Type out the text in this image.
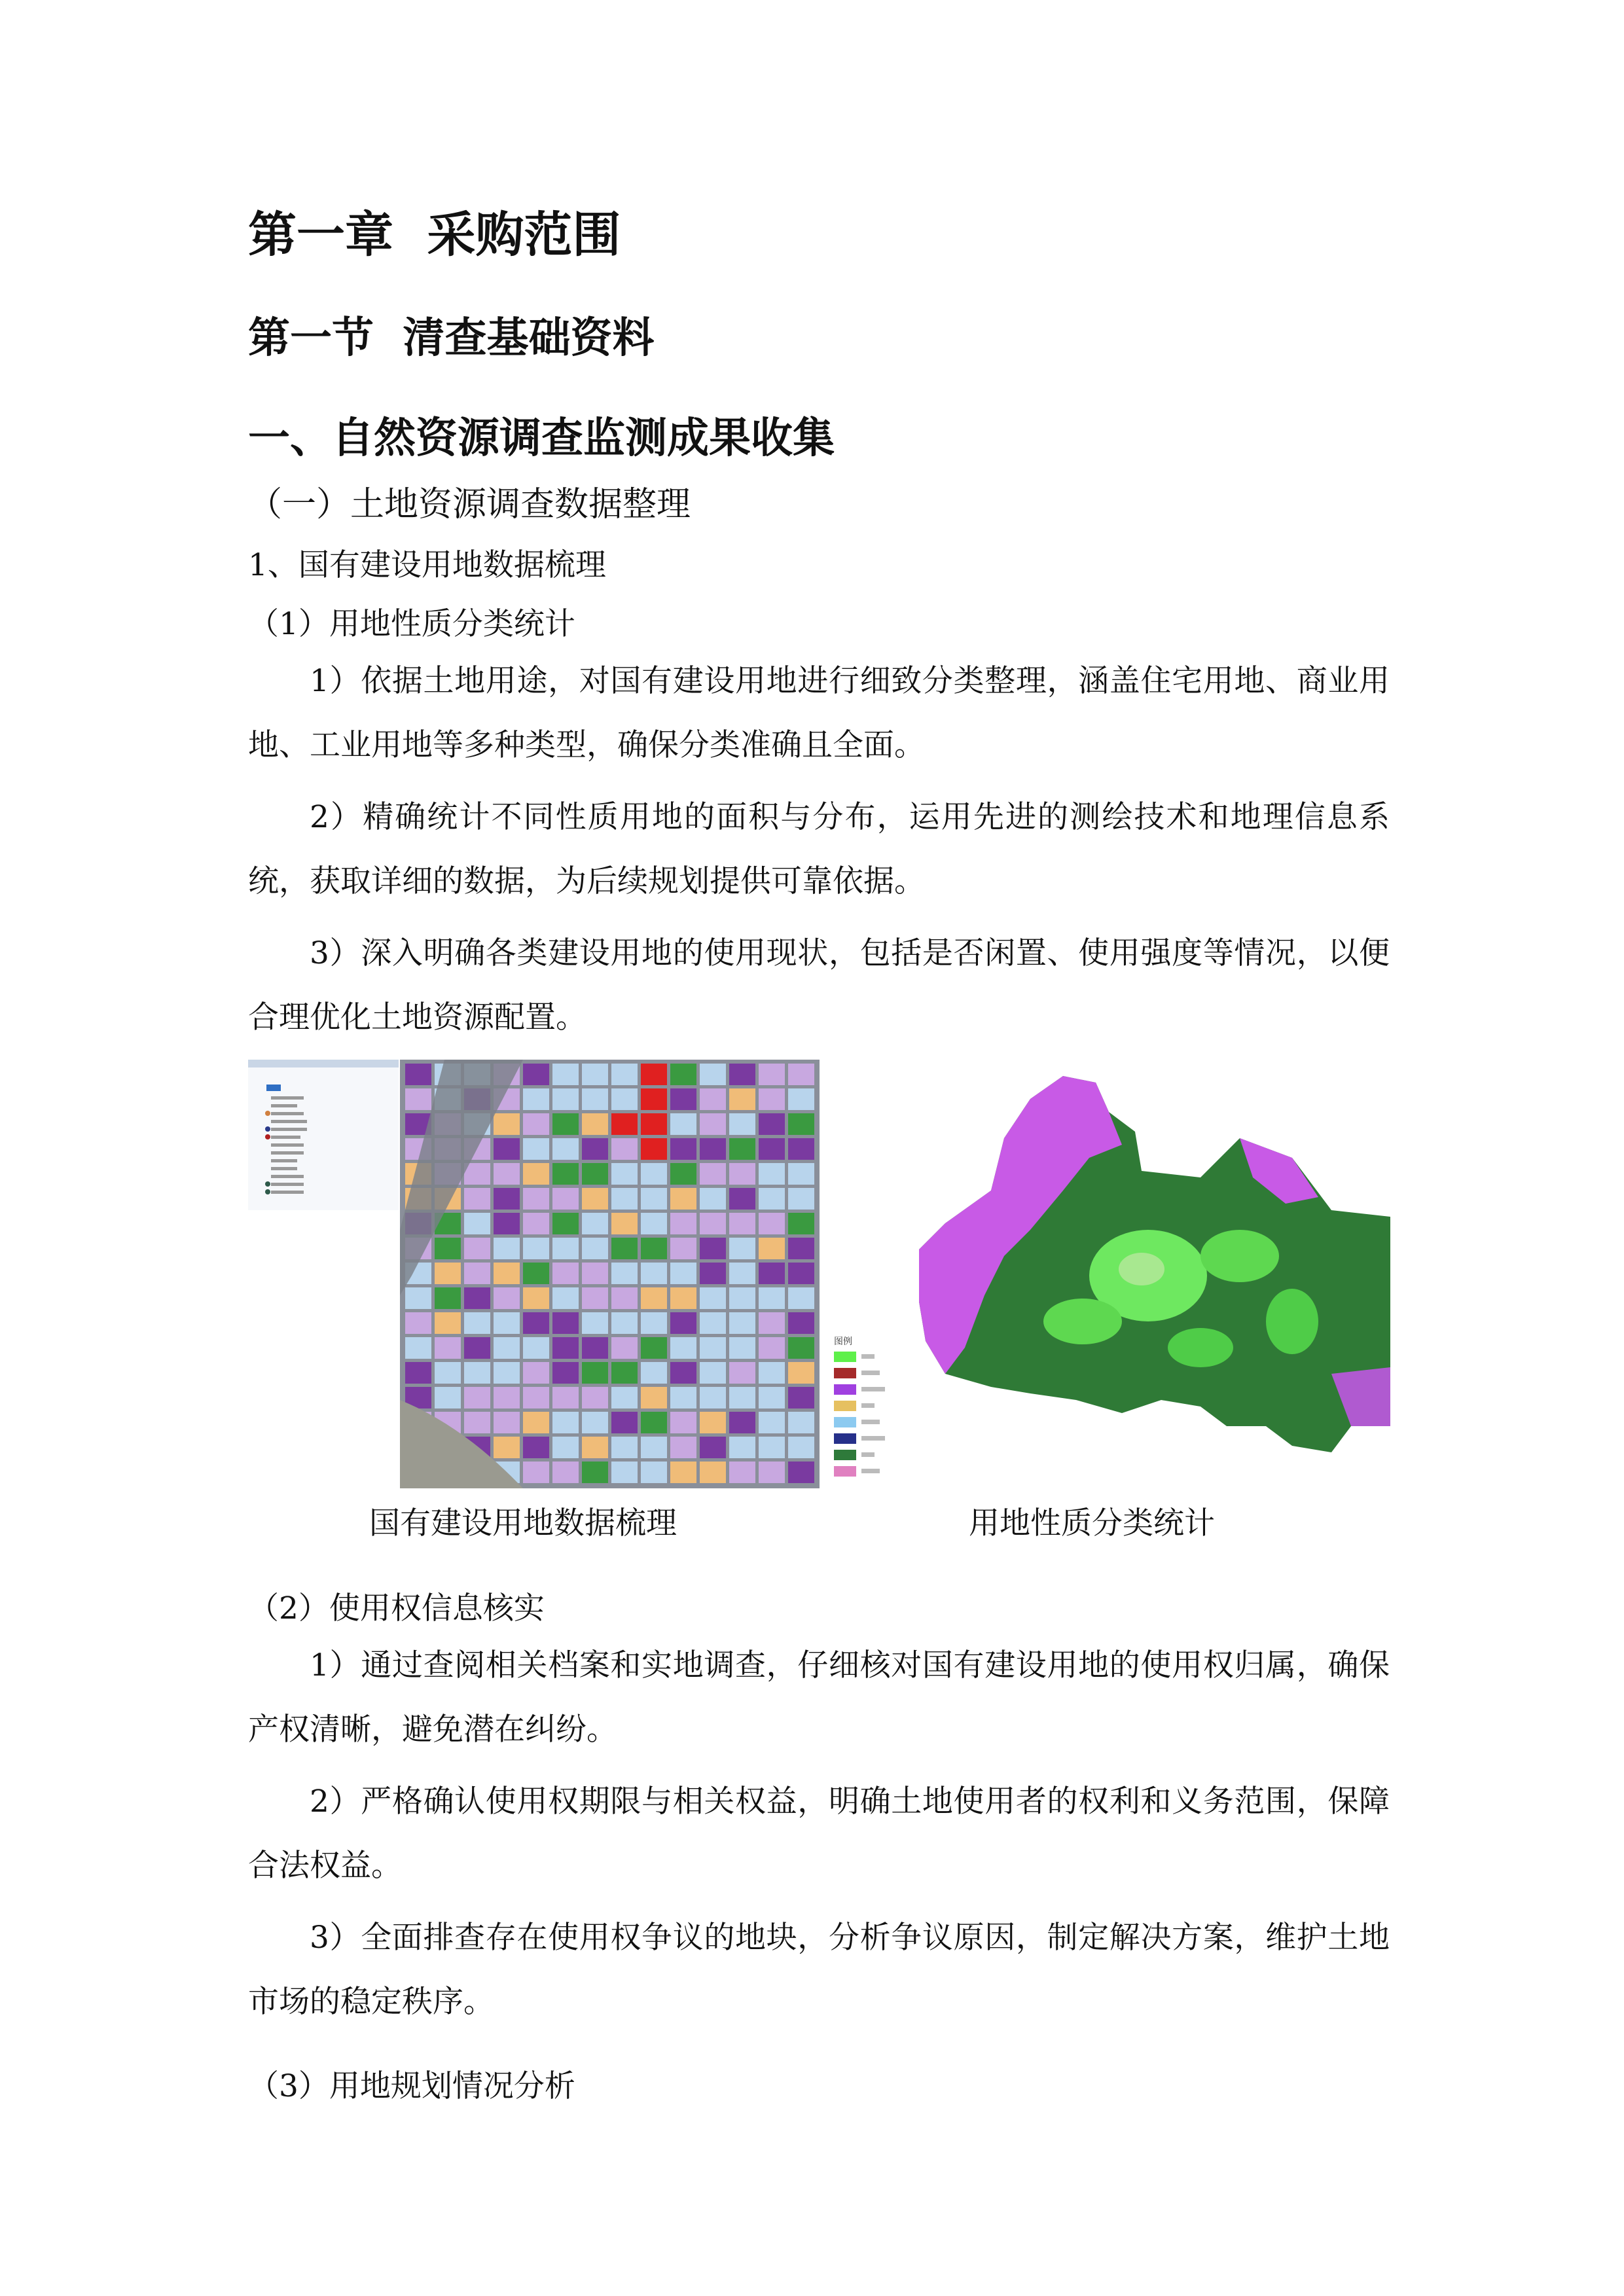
第一章  采购范围
第一节  清查基础资料
一、自然资源调查监测成果收集
（一）土地资源调查数据整理
1、国有建设用地数据梳理
（1）用地性质分类统计
1）依据土地用途，对国有建设用地进行细致分类整理，涵盖住宅用地、商业用地、工业用地等多种类型，确保分类准确且全面。
2）精确统计不同性质用地的面积与分布，运用先进的测绘技术和地理信息系统，获取详细的数据，为后续规划提供可靠依据。
3）深入明确各类建设用地的使用现状，包括是否闲置、使用强度等情况，以便合理优化土地资源配置。
图例
国有建设用地数据梳理	用地性质分类统计
（2）使用权信息核实
1）通过查阅相关档案和实地调查，仔细核对国有建设用地的使用权归属，确保产权清晰，避免潜在纠纷。
2）严格确认使用权期限与相关权益，明确土地使用者的权利和义务范围，保障合法权益。
3）全面排查存在使用权争议的地块，分析争议原因，制定解决方案，维护土地市场的稳定秩序。
（3）用地规划情况分析
